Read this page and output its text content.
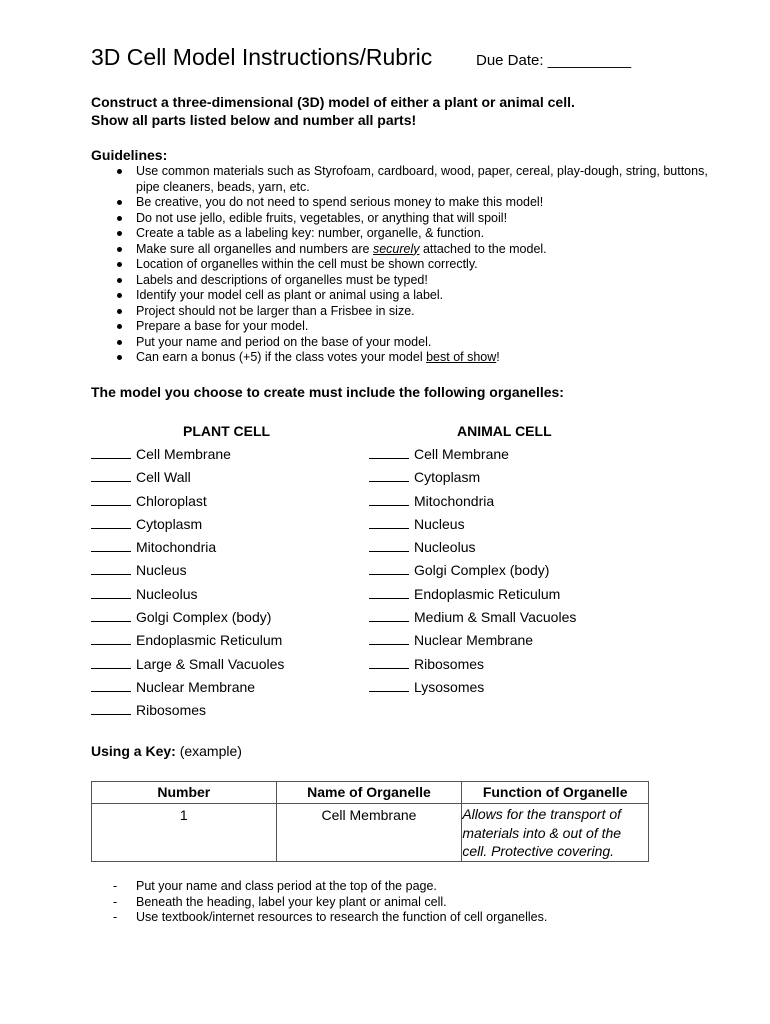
3D Cell Model Instructions/Rubric	Due Date: __________
Construct a three-dimensional (3D) model of either a plant or animal cell.
Show all parts listed below and number all parts!
Guidelines:
Use common materials such as Styrofoam, cardboard, wood, paper, cereal, play-dough, string, buttons, pipe cleaners, beads, yarn, etc.
Be creative, you do not need to spend serious money to make this model!
Do not use jello, edible fruits, vegetables, or anything that will spoil!
Create a table as a labeling key: number, organelle, & function.
Make sure all organelles and numbers are securely attached to the model.
Location of organelles within the cell must be shown correctly.
Labels and descriptions of organelles must be typed!
Identify your model cell as plant or animal using a label.
Project should not be larger than a Frisbee in size.
Prepare a base for your model.
Put your name and period on the base of your model.
Can earn a bonus (+5) if the class votes your model best of show!
The model you choose to create must include the following organelles:
PLANT CELL
Cell Membrane
Cell Wall
Chloroplast
Cytoplasm
Mitochondria
Nucleus
Nucleolus
Golgi Complex (body)
Endoplasmic Reticulum
Large & Small Vacuoles
Nuclear Membrane
Ribosomes
ANIMAL CELL
Cell Membrane
Cytoplasm
Mitochondria
Nucleus
Nucleolus
Golgi Complex (body)
Endoplasmic Reticulum
Medium & Small Vacuoles
Nuclear Membrane
Ribosomes
Lysosomes
Using a Key: (example)
Number	Name of Organelle	Function of Organelle
1	Cell Membrane	Allows for the transport of materials into & out of the cell. Protective covering.
- Put your name and class period at the top of the page.
- Beneath the heading, label your key plant or animal cell.
- Use textbook/internet resources to research the function of cell organelles.
